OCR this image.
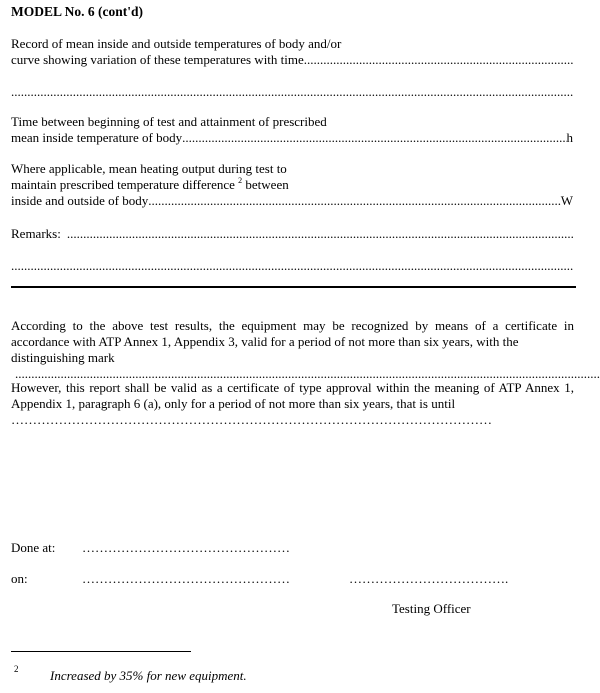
MODEL No. 6 (cont'd)
Record of mean inside and outside temperatures of body and/or
curve showing variation of these temperatures with time
.....
.....
Time between beginning of test and attainment of prescribed
mean inside temperature of body .....	h
Where applicable, mean heating output during test to
maintain prescribed temperature difference $^2$ between
inside and outside of body .....	W
Remarks:
.....
.....
According to the above test results, the equipment may be recognized by means of a certificate in accordance with ATP Annex 1, Appendix 3, valid for a period of not more than six years, with the
distinguishing mark .....
However, this report shall be valid as a certificate of type approval within the meaning of ATP Annex 1, Appendix 1, paragraph 6 (a), only for a period of not more than six years, that is until
…………………………………………………………………………………………………
Done at: …………………………………………
on:	…………………………………………	……………………………….
Testing Officer
2 Increased by 35% for new equipment.
